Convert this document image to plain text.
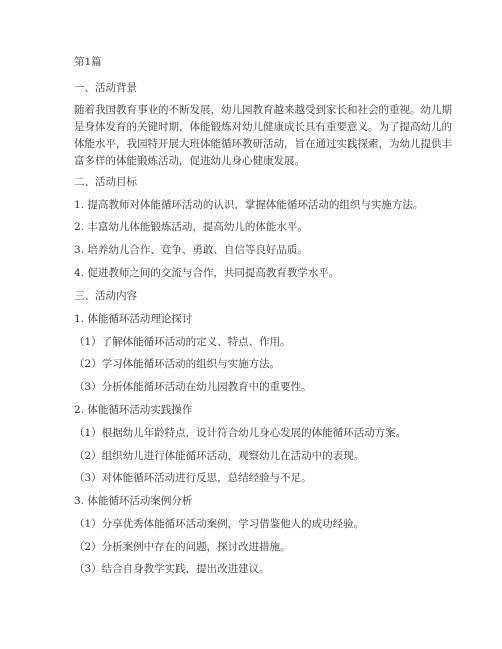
第1篇
一、活动背景
随着我国教育事业的不断发展，幼儿园教育越来越受到家长和社会的重视。幼儿期
是身体发育的关键时期，体能锻炼对幼儿健康成长具有重要意义。为了提高幼儿的
体能水平，我园特开展大班体能循环教研活动，旨在通过实践探索，为幼儿提供丰
富多样的体能锻炼活动，促进幼儿身心健康发展。
二、活动目标
1. 提高教师对体能循环活动的认识，掌握体能循环活动的组织与实施方法。
2. 丰富幼儿体能锻炼活动，提高幼儿的体能水平。
3. 培养幼儿合作、竞争、勇敢、自信等良好品质。
4. 促进教师之间的交流与合作，共同提高教育教学水平。
三、活动内容
1. 体能循环活动理论探讨
（1）了解体能循环活动的定义、特点、作用。
（2）学习体能循环活动的组织与实施方法。
（3）分析体能循环活动在幼儿园教育中的重要性。
2. 体能循环活动实践操作
（1）根据幼儿年龄特点，设计符合幼儿身心发展的体能循环活动方案。
（2）组织幼儿进行体能循环活动，观察幼儿在活动中的表现。
（3）对体能循环活动进行反思，总结经验与不足。
3. 体能循环活动案例分析
（1）分享优秀体能循环活动案例，学习借鉴他人的成功经验。
（2）分析案例中存在的问题，探讨改进措施。
（3）结合自身教学实践，提出改进建议。
